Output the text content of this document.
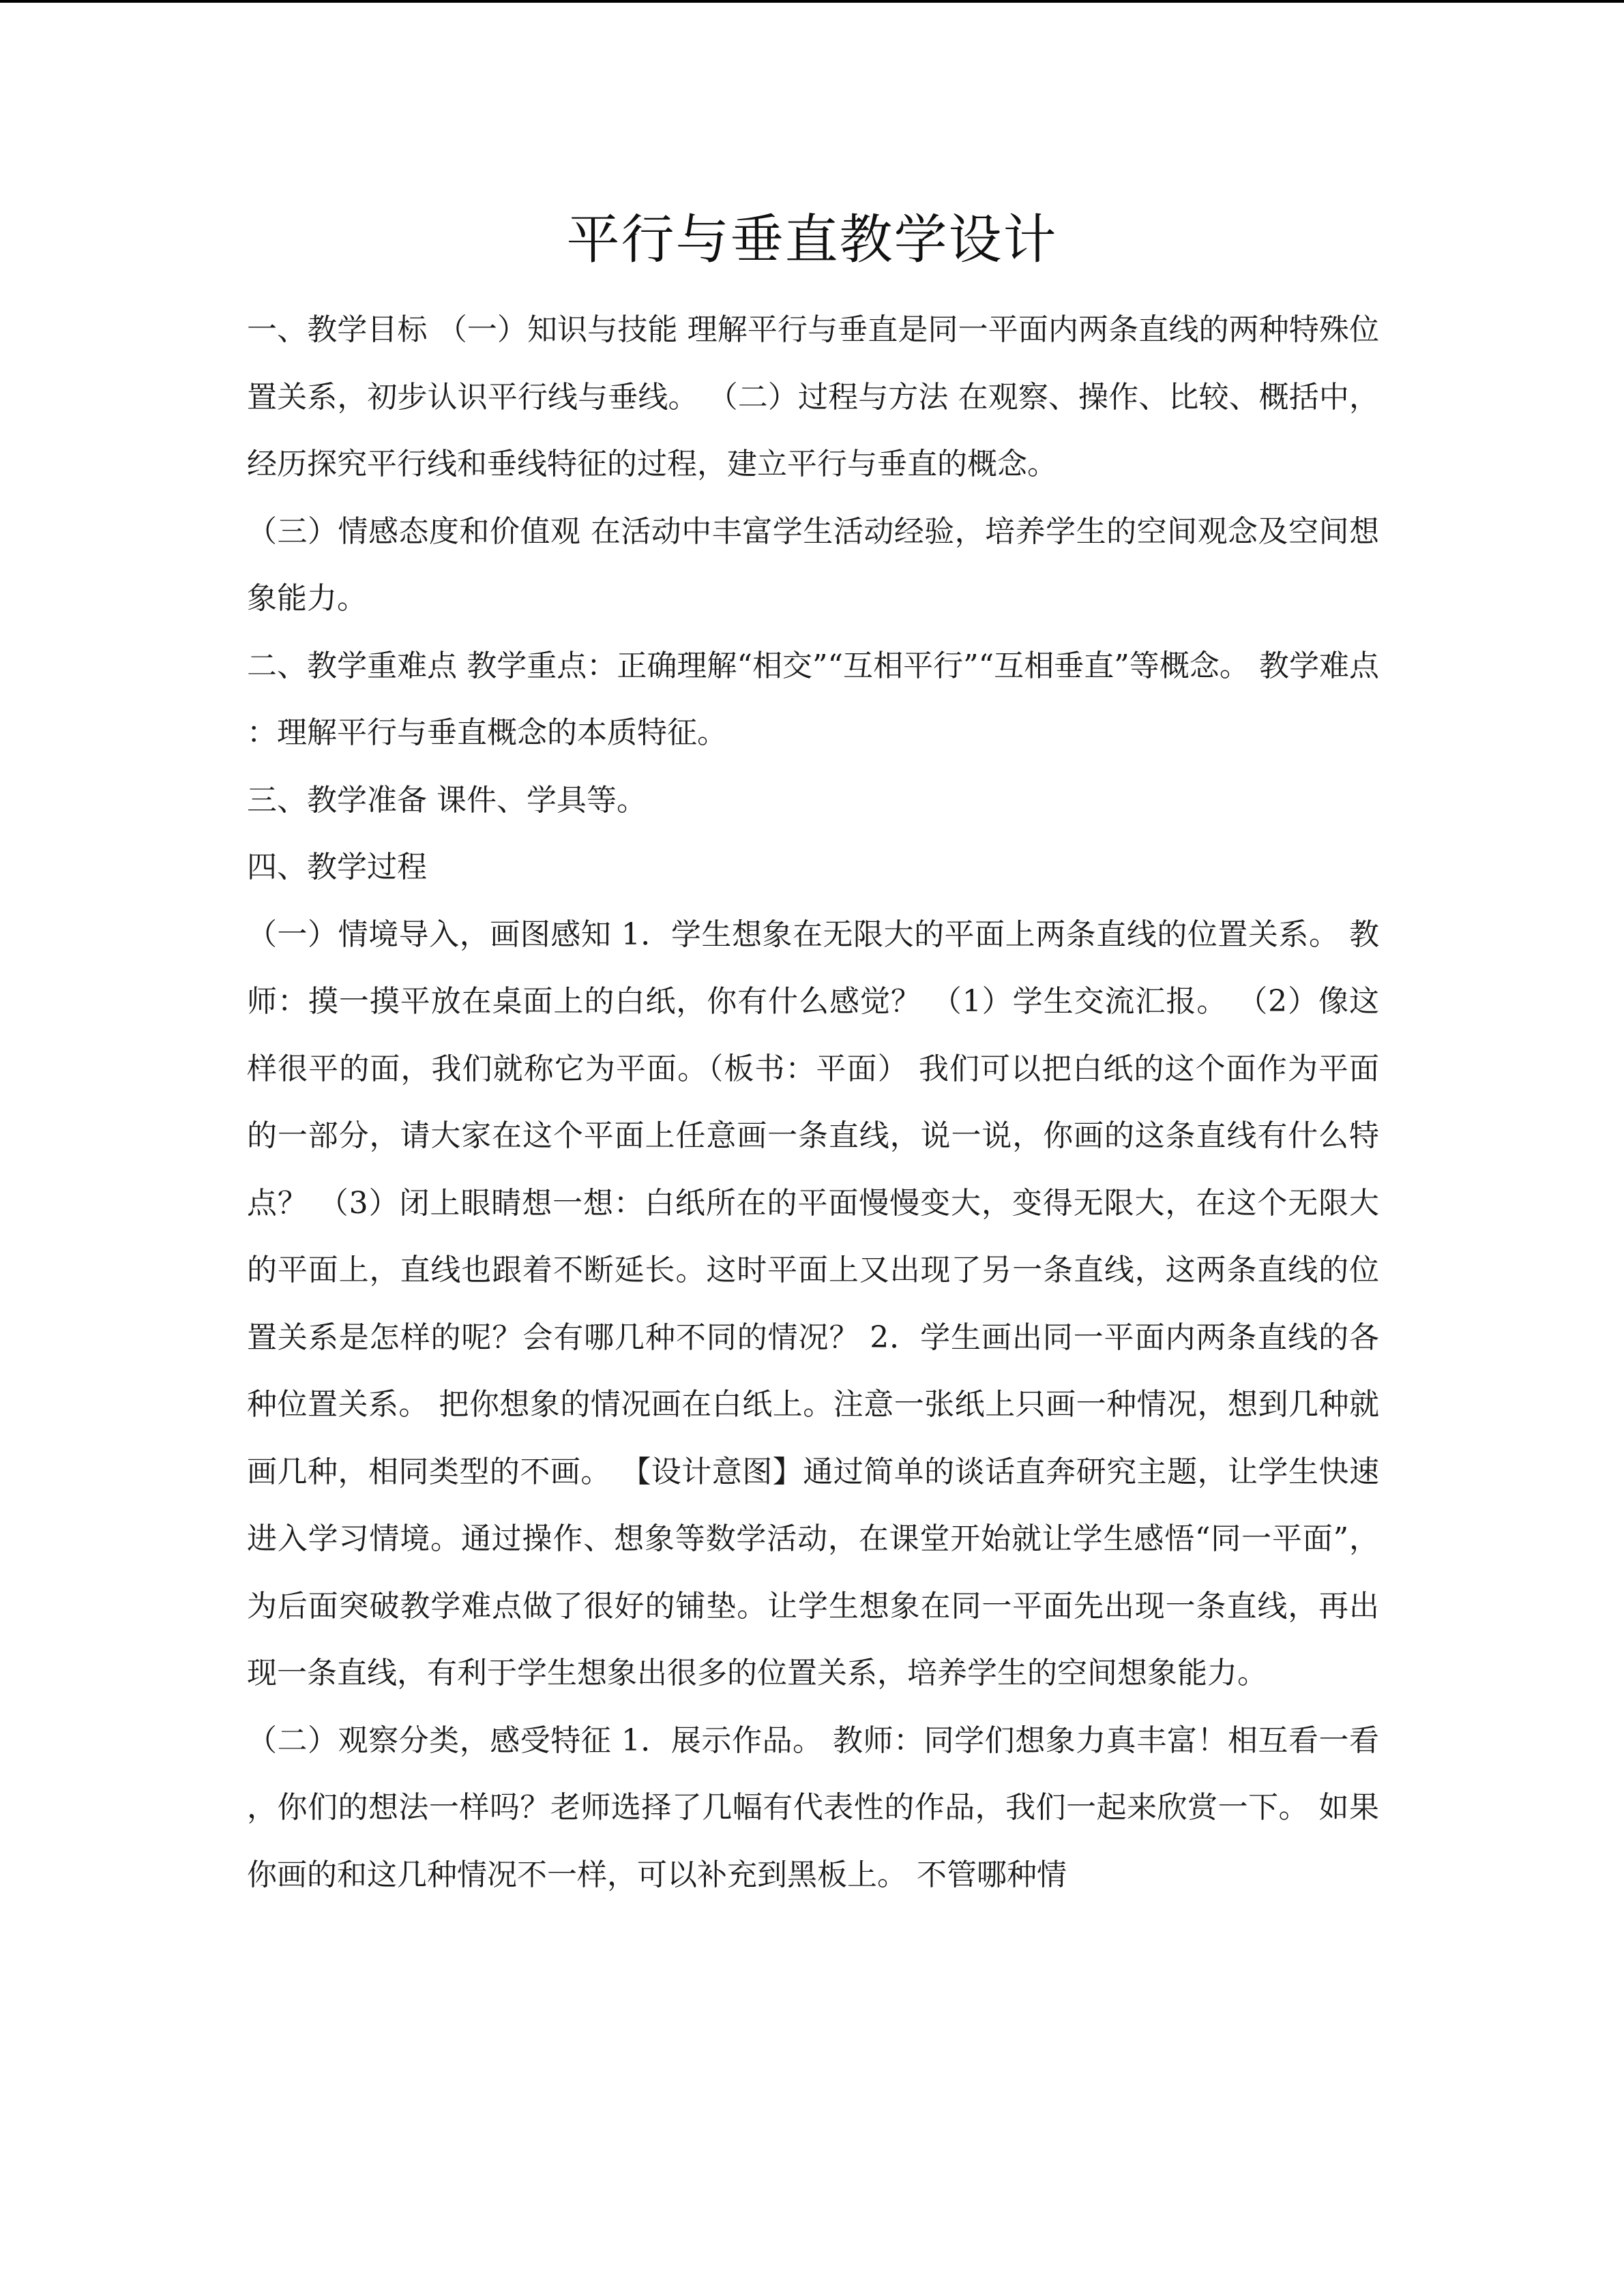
平行与垂直教学设计

一、教学目标 （一）知识与技能 理解平行与垂直是同一平面内两条直线的两种特殊位置关系，初步认识平行线与垂线。 （二）过程与方法 在观察、操作、比较、概括中，经历探究平行线和垂线特征的过程，建立平行与垂直的概念。

（三）情感态度和价值观 在活动中丰富学生活动经验，培养学生的空间观念及空间想象能力。

二、教学重难点 教学重点：正确理解“相交”“互相平行”“互相垂直”等概念。 教学难点：理解平行与垂直概念的本质特征。

三、教学准备 课件、学具等。

四、教学过程

（一）情境导入，画图感知 1．学生想象在无限大的平面上两条直线的位置关系。 教师：摸一摸平放在桌面上的白纸，你有什么感觉？ （1）学生交流汇报。 （2）像这样很平的面，我们就称它为平面。（板书：平面） 我们可以把白纸的这个面作为平面的一部分，请大家在这个平面上任意画一条直线，说一说，你画的这条直线有什么特点？ （3）闭上眼睛想一想：白纸所在的平面慢慢变大，变得无限大，在这个无限大的平面上，直线也跟着不断延长。这时平面上又出现了另一条直线，这两条直线的位置关系是怎样的呢？会有哪几种不同的情况？ 2．学生画出同一平面内两条直线的各种位置关系。 把你想象的情况画在白纸上。注意一张纸上只画一种情况，想到几种就画几种，相同类型的不画。 【设计意图】通过简单的谈话直奔研究主题，让学生快速进入学习情境。通过操作、想象等数学活动，在课堂开始就让学生感悟“同一平面”，为后面突破教学难点做了很好的铺垫。让学生想象在同一平面先出现一条直线，再出现一条直线，有利于学生想象出很多的位置关系，培养学生的空间想象能力。

（二）观察分类，感受特征 1．展示作品。 教师：同学们想象力真丰富！相互看一看，你们的想法一样吗？老师选择了几幅有代表性的作品，我们一起来欣赏一下。 如果你画的和这几种情况不一样，可以补充到黑板上。 不管哪种情
